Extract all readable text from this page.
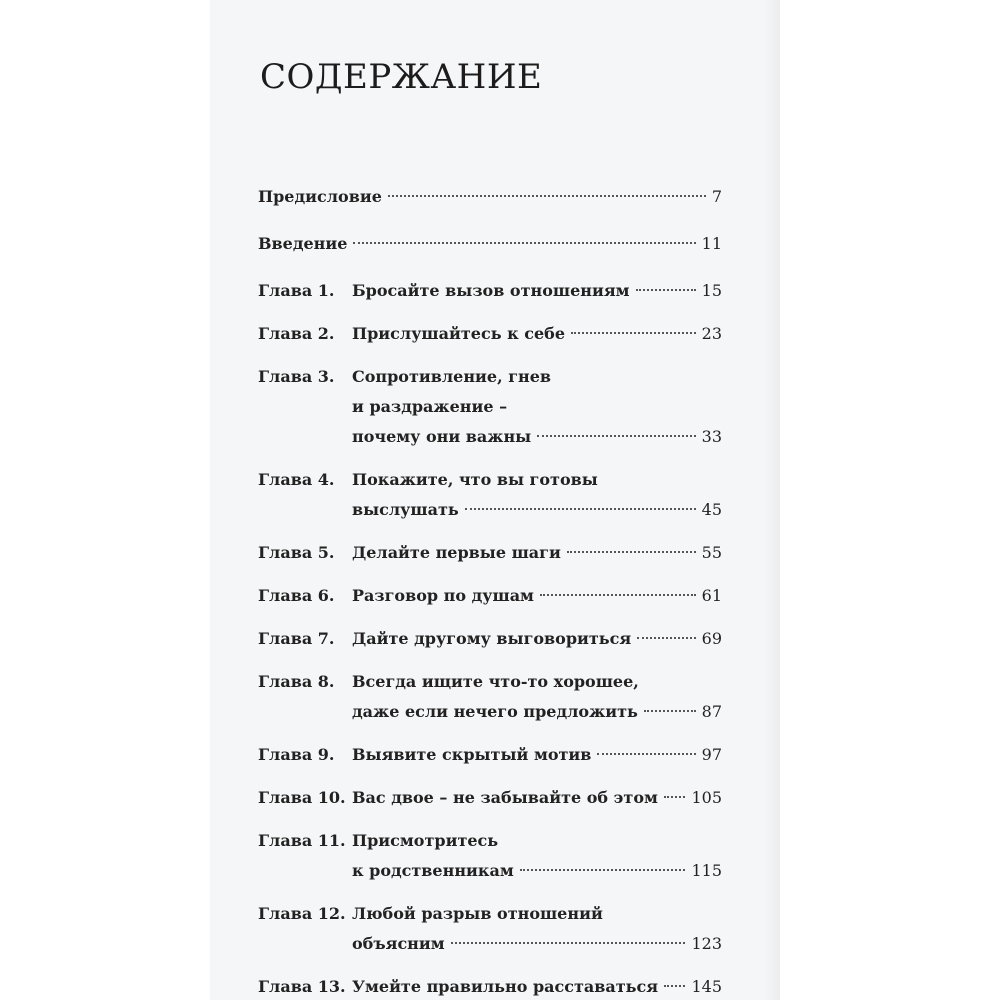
СОДЕРЖАНИЕ
Предисловие	7
Введение	11
Глава 1.	Бросайте вызов отношениям	15
Глава 2.	Прислушайтесь к себе	23
Глава 3.	Сопротивление, гнев
и раздражение –
почему они важны	33
Глава 4.	Покажите, что вы готовы
выслушать	45
Глава 5.	Делайте первые шаги	55
Глава 6.	Разговор по душам	61
Глава 7.	Дайте другому выговориться	69
Глава 8.	Всегда ищите что-то хорошее,
даже если нечего предложить	87
Глава 9.	Выявите скрытый мотив	97
Глава 10. Вас двое – не забывайте об этом 105
Глава 11. Присмотритесь
к родственникам	115
Глава 12. Любой разрыв отношений
объясним	123
Глава 13. Умейте правильно расставаться 145
